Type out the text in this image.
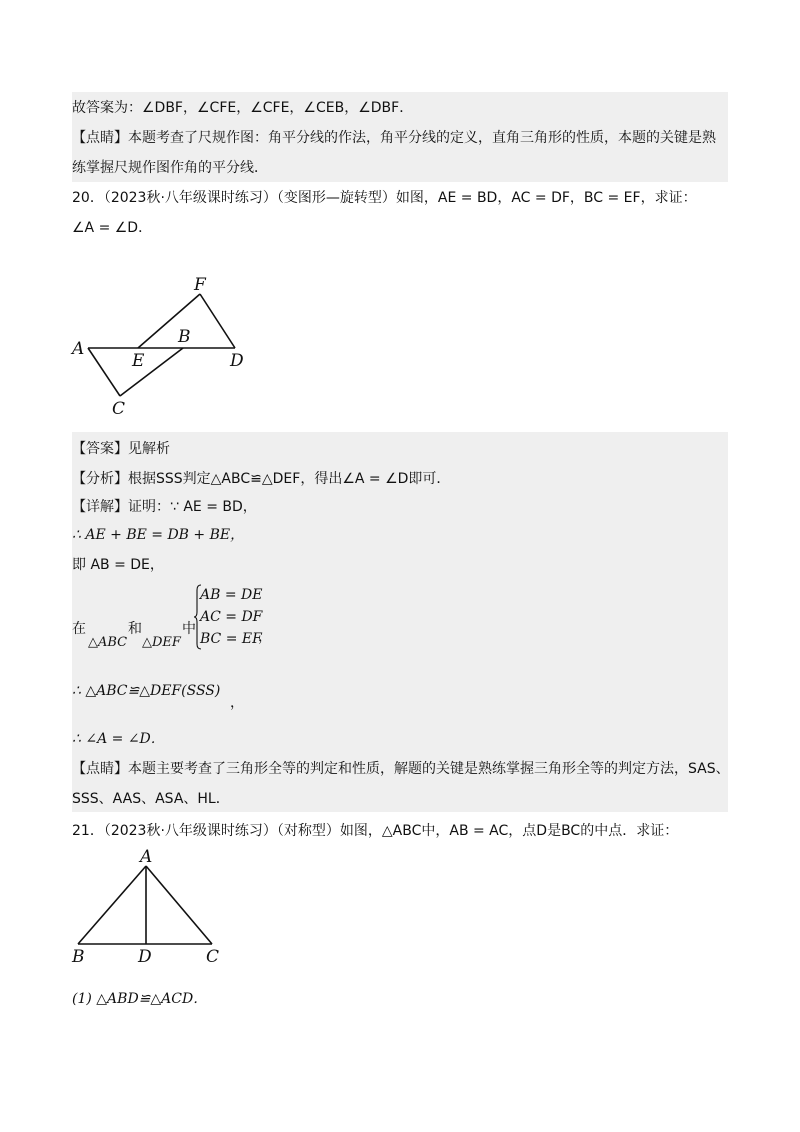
故答案为：∠DBF，∠CFE，∠CFE，∠CEB，∠DBF．
【点睛】本题考查了尺规作图：角平分线的作法，角平分线的定义，直角三角形的性质，本题的关键是熟
练掌握尺规作图作角的平分线．
20．（2023秋·八年级课时练习）（变图形—旋转型）如图，AE = BD，AC = DF，BC = EF，求证：
∠A = ∠D．
F
A
E
B
D
C
【答案】见解析
【分析】根据SSS判定△ABC≌△DEF，得出∠A = ∠D即可．
【详解】证明：∵ AE = BD，
∴ AE + BE = DB + BE，
即 AB = DE，
在
△ABC
和
△DEF
中
AB = DE
AC = DF
BC = EF
，
∴ △ABC≌△DEF(SSS)
，
∴ ∠A = ∠D．
【点睛】本题主要考查了三角形全等的判定和性质，解题的关键是熟练掌握三角形全等的判定方法，SAS、
SSS、AAS、ASA、HL．
21．（2023秋·八年级课时练习）（对称型）如图，△ABC中，AB = AC，点D是BC的中点．求证：
A
B	D	C
(1) △ABD≌△ACD．
